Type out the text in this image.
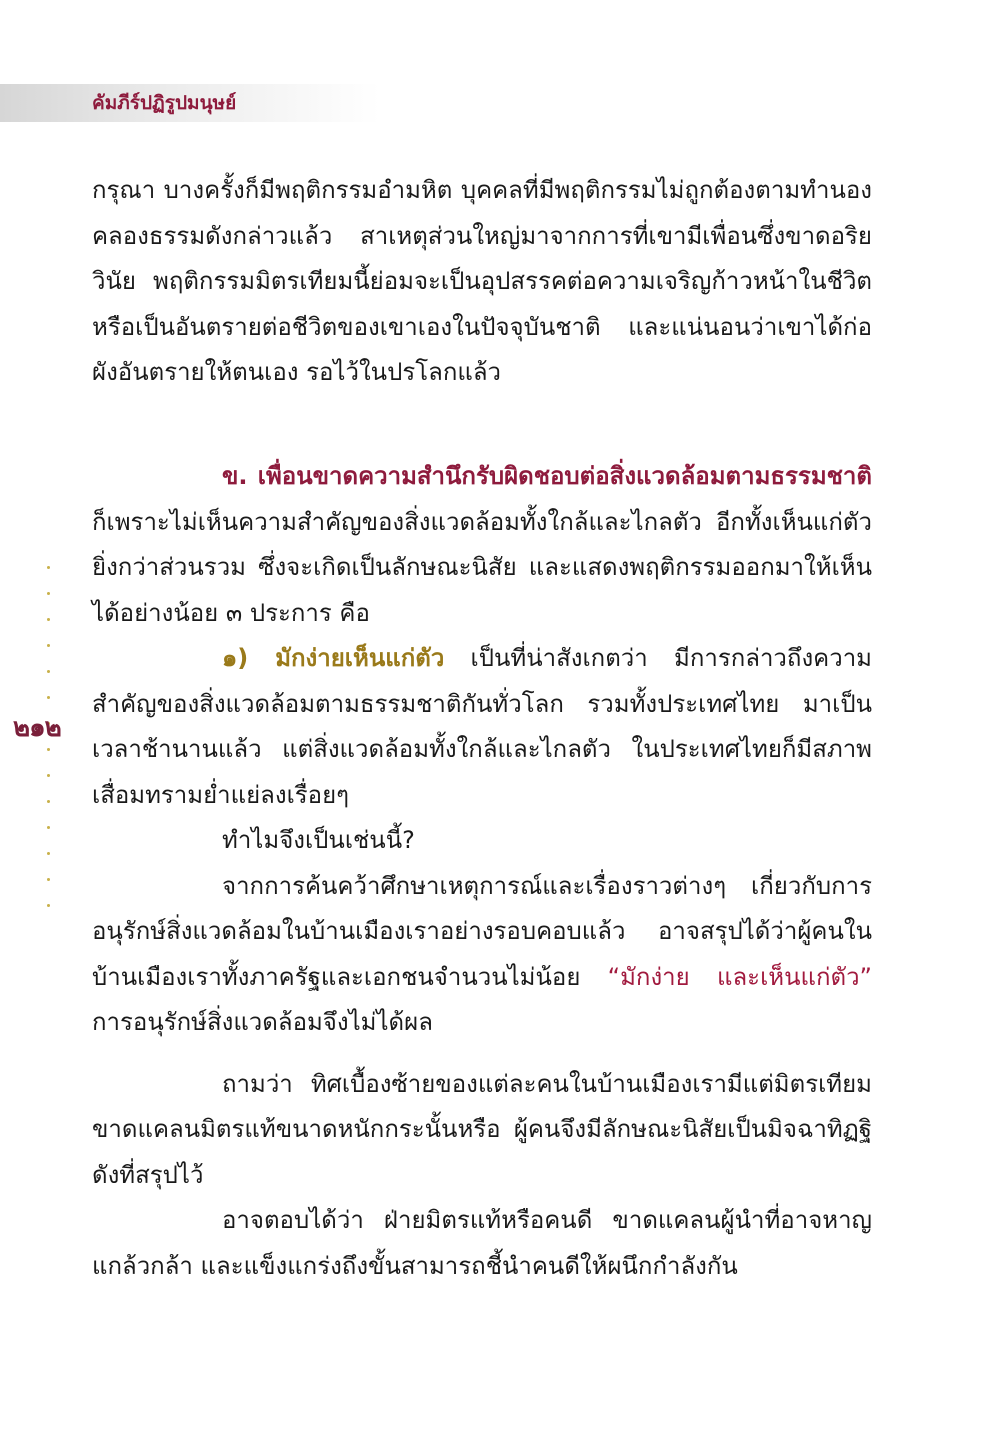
คัมภีร์ปฏิรูปมนุษย์
๒๑๒

กรุณา บางครั้งก็มีพฤติกรรมอำมหิต บุคคลที่มีพฤติกรรมไม่ถูกต้องตามทำนองคลองธรรมดังกล่าวแล้ว สาเหตุส่วนใหญ่มาจากการที่เขามีเพื่อนซึ่งขาดอริยวินัย พฤติกรรมมิตรเทียมนี้ย่อมจะเป็นอุปสรรคต่อความเจริญก้าวหน้าในชีวิตหรือเป็นอันตรายต่อชีวิตของเขาเองในปัจจุบันชาติ และแน่นอนว่าเขาได้ก่อผังอันตรายให้ตนเอง รอไว้ในปรโลกแล้ว

ข. เพื่อนขาดความสำนึกรับผิดชอบต่อสิ่งแวดล้อมตามธรรมชาติ ก็เพราะไม่เห็นความสำคัญของสิ่งแวดล้อมทั้งใกล้และไกลตัว อีกทั้งเห็นแก่ตัวยิ่งกว่าส่วนรวม ซึ่งจะเกิดเป็นลักษณะนิสัย และแสดงพฤติกรรมออกมาให้เห็นได้อย่างน้อย ๓ ประการ คือ

๑) มักง่ายเห็นแก่ตัว เป็นที่น่าสังเกตว่า มีการกล่าวถึงความสำคัญของสิ่งแวดล้อมตามธรรมชาติกันทั่วโลก รวมทั้งประเทศไทย มาเป็นเวลาช้านานแล้ว แต่สิ่งแวดล้อมทั้งใกล้และไกลตัว ในประเทศไทยก็มีสภาพเสื่อมทรามย่ำแย่ลงเรื่อยๆ

ทำไมจึงเป็นเช่นนี้?

จากการค้นคว้าศึกษาเหตุการณ์และเรื่องราวต่างๆ เกี่ยวกับการอนุรักษ์สิ่งแวดล้อมในบ้านเมืองเราอย่างรอบคอบแล้ว อาจสรุปได้ว่าผู้คนในบ้านเมืองเราทั้งภาครัฐและเอกชนจำนวนไม่น้อย “มักง่าย และเห็นแก่ตัว” การอนุรักษ์สิ่งแวดล้อมจึงไม่ได้ผล

ถามว่า ทิศเบื้องซ้ายของแต่ละคนในบ้านเมืองเรามีแต่มิตรเทียม ขาดแคลนมิตรแท้ขนาดหนักกระนั้นหรือ ผู้คนจึงมีลักษณะนิสัยเป็นมิจฉาทิฏฐิดังที่สรุปไว้

อาจตอบได้ว่า ฝ่ายมิตรแท้หรือคนดี ขาดแคลนผู้นำที่อาจหาญแกล้วกล้า และแข็งแกร่งถึงขั้นสามารถชี้นำคนดีให้ผนึกกำลังกัน
